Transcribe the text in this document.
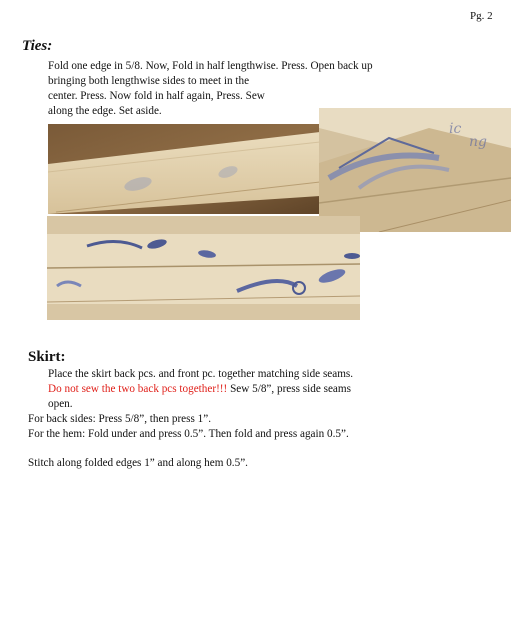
Pg. 2
Ties:
Fold one edge in 5/8. Now, Fold in half lengthwise. Press. Open back up
bringing both lengthwise sides to meet in the
center. Press. Now fold in half again, Press. Sew
along the edge. Set aside.
ic
ng
Skirt:
Place the skirt back pcs. and front pc. together matching side seams.
Do not sew the two back pcs together!!! Sew 5/8”, press side seams
open.
For back sides: Press 5/8”, then press 1”.
For the hem: Fold under and press 0.5”. Then fold and press again 0.5”.
Stitch along folded edges 1” and along hem 0.5”.
